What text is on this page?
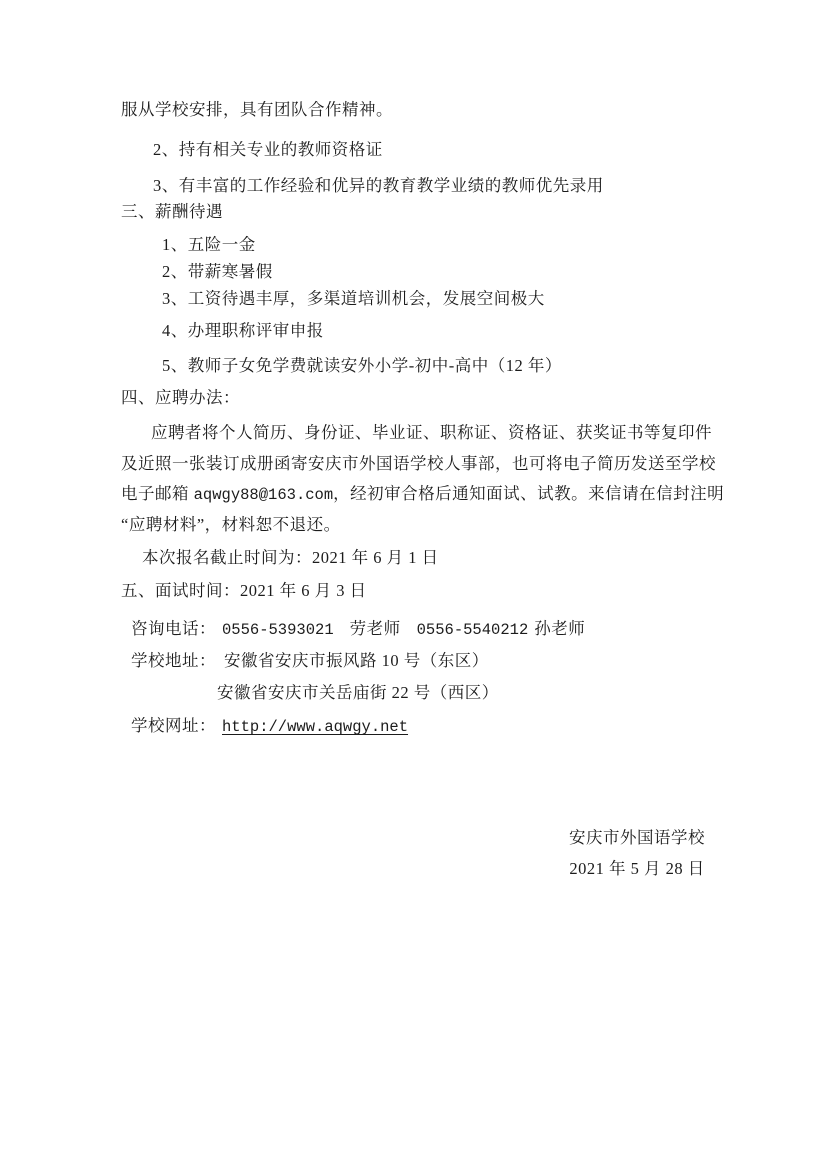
服从学校安排，具有团队合作精神。
2、持有相关专业的教师资格证
3、有丰富的工作经验和优异的教育教学业绩的教师优先录用
三、薪酬待遇
1、五险一金
2、带薪寒暑假
3、工资待遇丰厚，多渠道培训机会，发展空间极大
4、办理职称评审申报
5、教师子女免学费就读安外小学-初中-高中（12 年）
四、应聘办法：
应聘者将个人简历、身份证、毕业证、职称证、资格证、获奖证书等复印件
及近照一张装订成册函寄安庆市外国语学校人事部，也可将电子简历发送至学校
电子邮箱 aqwgy88@163.com，经初审合格后通知面试、试教。来信请在信封注明
“应聘材料”，材料恕不退还。
本次报名截止时间为：2021 年 6 月 1 日
五、面试时间：2021 年 6 月 3 日
咨询电话： 0556-5393021 劳老师 0556-5540212 孙老师
学校地址： 安徽省安庆市振风路 10 号（东区）
安徽省安庆市关岳庙街 22 号（西区）
学校网址： http://www.aqwgy.net
安庆市外国语学校
2021 年 5 月 28 日
